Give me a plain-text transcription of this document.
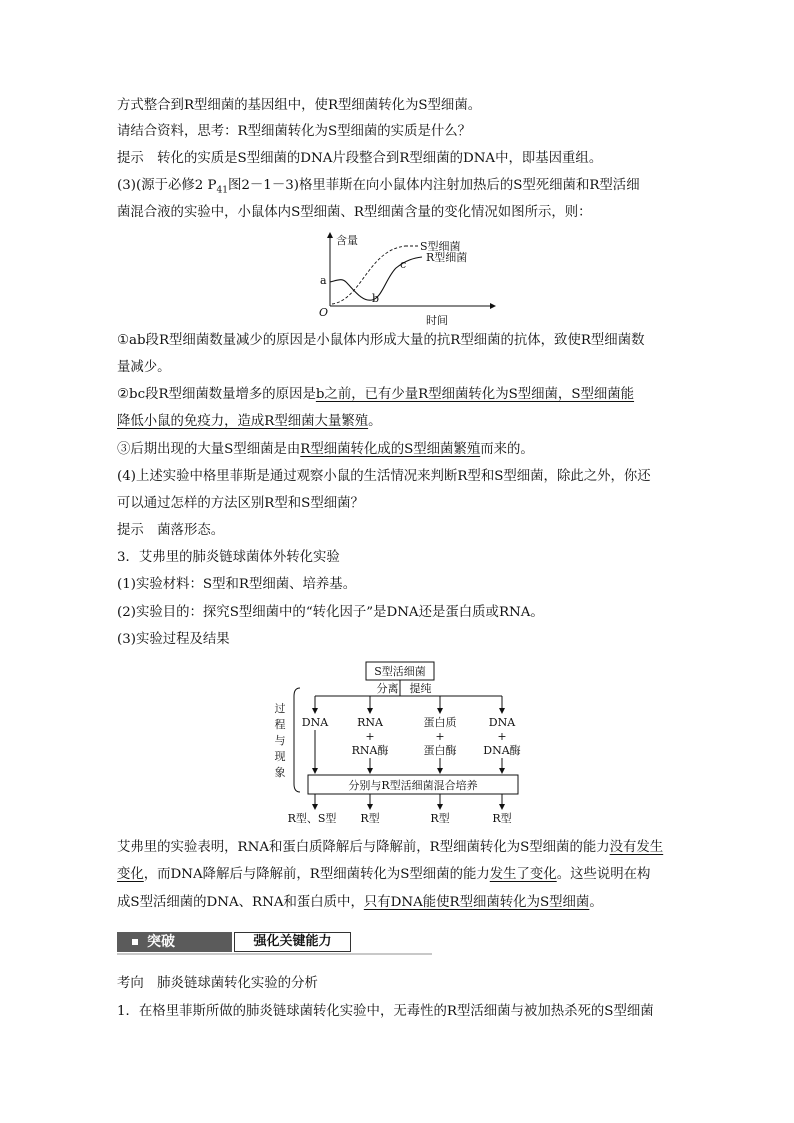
方式整合到R型细菌的基因组中，使R型细菌转化为S型细菌。
请结合资料，思考：R型细菌转化为S型细菌的实质是什么？
提示　转化的实质是S型细菌的DNA片段整合到R型细菌的DNA中，即基因重组。
(3)(源于必修2 $P_{41}$图2－1－3)格里菲斯在向小鼠体内注射加热后的S型死细菌和R型活细
菌混合液的实验中，小鼠体内S型细菌、R型细菌含量的变化情况如图所示，则：
含量
时间
O
a
b
c
S型细菌
R型细菌
①ab段R型细菌数量减少的原因是小鼠体内形成大量的抗R型细菌的抗体，致使R型细菌数
量减少。
②bc段R型细菌数量增多的原因是b之前，已有少量R型细菌转化为S型细菌，S型细菌能
降低小鼠的免疫力，造成R型细菌大量繁殖。
③后期出现的大量S型细菌是由R型细菌转化成的S型细菌繁殖而来的。
(4)上述实验中格里菲斯是通过观察小鼠的生活情况来判断R型和S型细菌，除此之外，你还
可以通过怎样的方法区别R型和S型细菌？
提示　菌落形态。
3．艾弗里的肺炎链球菌体外转化实验
(1)实验材料：S型和R型细菌、培养基。
(2)实验目的：探究S型细菌中的“转化因子”是DNA还是蛋白质或RNA。
(3)实验过程及结果
S型活细菌
分离　提纯
DNA	RNA
+
RNA酶
蛋白质
+
蛋白酶
DNA
+
DNA酶
分别与R型活细菌混合培养
R型、S型 R型	R型	R型
过
程
与
现
象
艾弗里的实验表明，RNA和蛋白质降解后与降解前，R型细菌转化为S型细菌的能力没有发生
变化，而DNA降解后与降解前，R型细菌转化为S型细菌的能力发生了变化。这些说明在构
成S型活细菌的DNA、RNA和蛋白质中，只有DNA能使R型细菌转化为S型细菌。
突破	强化关键能力
考向　肺炎链球菌转化实验的分析
1．在格里菲斯所做的肺炎链球菌转化实验中，无毒性的R型活细菌与被加热杀死的S型细菌
